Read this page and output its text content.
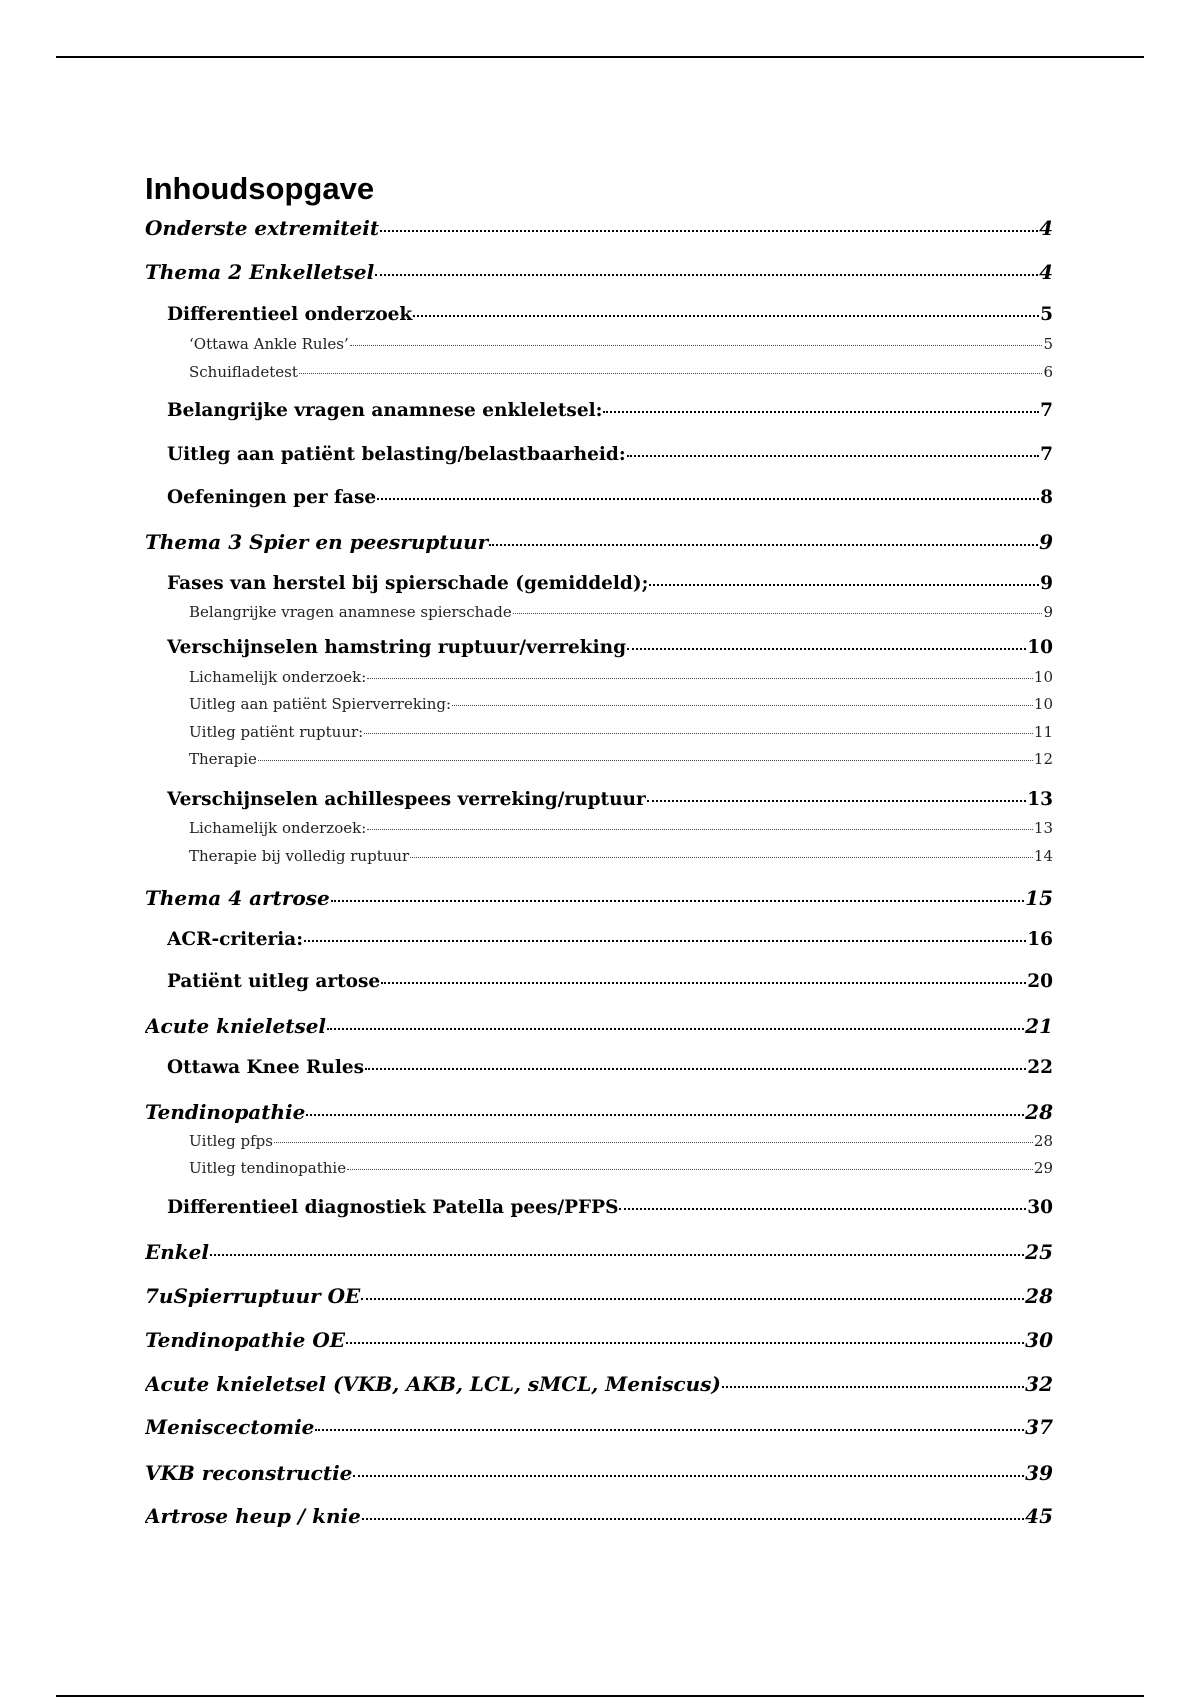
Inhoudsopgave
Onderste extremiteit	4
Thema 2 Enkelletsel	4
Differentieel onderzoek	5
‘Ottawa Ankle Rules’	5
Schuifladetest	6
Belangrijke vragen anamnese enkleletsel:	7
Uitleg aan patiënt belasting/belastbaarheid:	7
Oefeningen per fase	8
Thema 3 Spier en peesruptuur	9
Fases van herstel bij spierschade (gemiddeld);	9
Belangrijke vragen anamnese spierschade	9
Verschijnselen hamstring ruptuur/verreking	10
Lichamelijk onderzoek:	10
Uitleg aan patiënt Spierverreking:	10
Uitleg patiënt ruptuur:	11
Therapie	12
Verschijnselen achillespees verreking/ruptuur	13
Lichamelijk onderzoek:	13
Therapie bij volledig ruptuur	14
Thema 4 artrose	15
ACR-criteria:	16
Patiënt uitleg artose	20
Acute knieletsel	21
Ottawa Knee Rules	22
Tendinopathie	28
Uitleg pfps	28
Uitleg tendinopathie	29
Differentieel diagnostiek Patella pees/PFPS	30
Enkel	25
7uSpierruptuur OE	28
Tendinopathie OE	30
Acute knieletsel (VKB, AKB, LCL, sMCL, Meniscus)	32
Meniscectomie	37
VKB reconstructie	39
Artrose heup / knie	45
